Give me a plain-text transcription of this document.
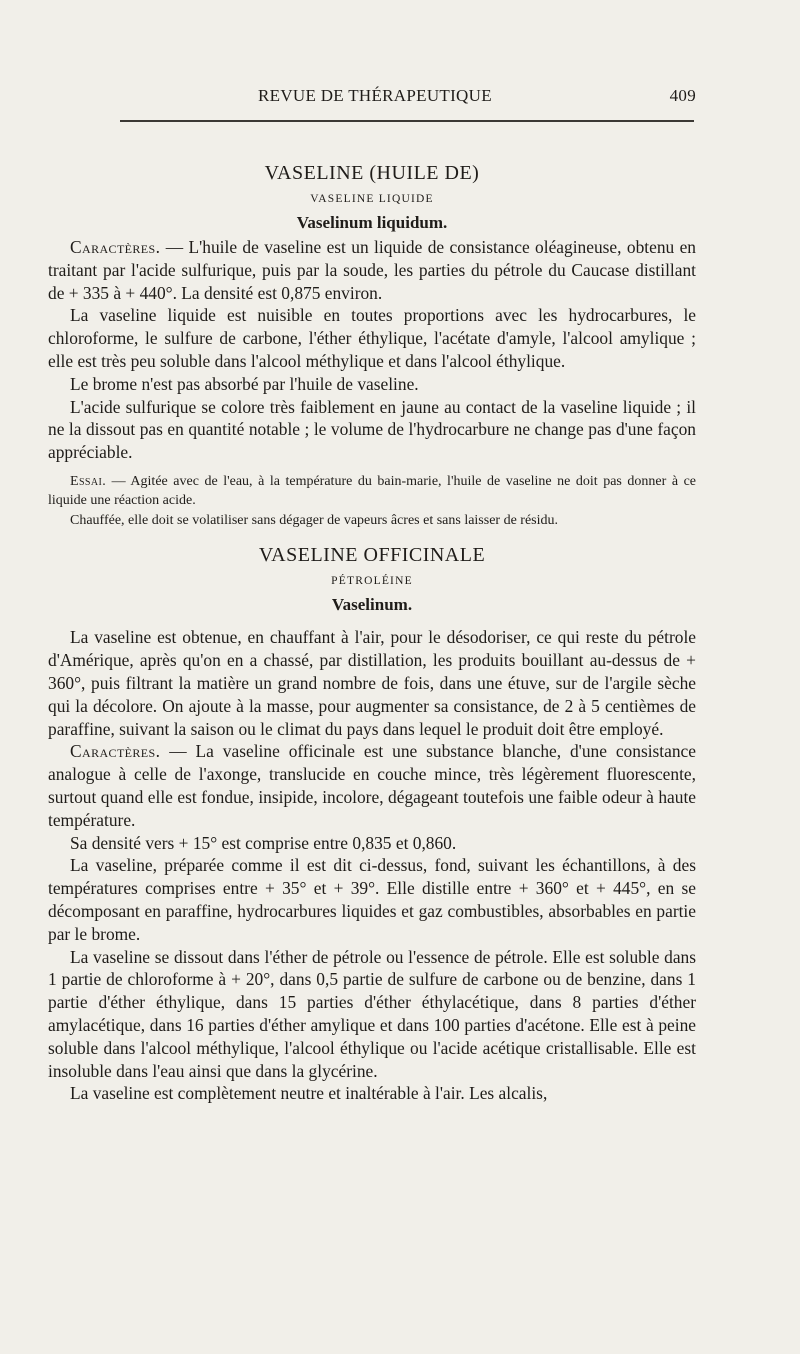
REVUE DE THÉRAPEUTIQUE	409
VASELINE (HUILE DE)
VASELINE LIQUIDE
Vaselinum liquidum.

Caractères. — L'huile de vaseline est un liquide de consistance oléagineuse, obtenu en traitant par l'acide sulfurique, puis par la soude, les parties du pétrole du Caucase distillant de + 335 à + 440°. La densité est 0,875 environ.

La vaseline liquide est nuisible en toutes proportions avec les hydrocarbures, le chloroforme, le sulfure de carbone, l'éther éthylique, l'acétate d'amyle, l'alcool amylique ; elle est très peu soluble dans l'alcool méthylique et dans l'alcool éthylique.

Le brome n'est pas absorbé par l'huile de vaseline.

L'acide sulfurique se colore très faiblement en jaune au contact de la vaseline liquide ; il ne la dissout pas en quantité notable ; le volume de l'hydrocarbure ne change pas d'une façon appréciable.

Essai. — Agitée avec de l'eau, à la température du bain-marie, l'huile de vaseline ne doit pas donner à ce liquide une réaction acide.

Chauffée, elle doit se volatiliser sans dégager de vapeurs âcres et sans laisser de résidu.

VASELINE OFFICINALE
PÉTROLÉINE
Vaselinum.

La vaseline est obtenue, en chauffant à l'air, pour le désodoriser, ce qui reste du pétrole d'Amérique, après qu'on en a chassé, par distillation, les produits bouillant au-dessus de + 360°, puis filtrant la matière un grand nombre de fois, dans une étuve, sur de l'argile sèche qui la décolore. On ajoute à la masse, pour augmenter sa consistance, de 2 à 5 centièmes de paraffine, suivant la saison ou le climat du pays dans lequel le produit doit être employé.

Caractères. — La vaseline officinale est une substance blanche, d'une consistance analogue à celle de l'axonge, translucide en couche mince, très légèrement fluorescente, surtout quand elle est fondue, insipide, incolore, dégageant toutefois une faible odeur à haute température.

Sa densité vers + 15° est comprise entre 0,835 et 0,860.

La vaseline, préparée comme il est dit ci-dessus, fond, suivant les échantillons, à des températures comprises entre + 35° et + 39°. Elle distille entre + 360° et + 445°, en se décomposant en paraffine, hydrocarbures liquides et gaz combustibles, absorbables en partie par le brome.

La vaseline se dissout dans l'éther de pétrole ou l'essence de pétrole. Elle est soluble dans 1 partie de chloroforme à + 20°, dans 0,5 partie de sulfure de carbone ou de benzine, dans 1 partie d'éther éthylique, dans 15 parties d'éther éthylacétique, dans 8 parties d'éther amylacétique, dans 16 parties d'éther amylique et dans 100 parties d'acétone. Elle est à peine soluble dans l'alcool méthylique, l'alcool éthylique ou l'acide acétique cristallisable. Elle est insoluble dans l'eau ainsi que dans la glycérine.

La vaseline est complètement neutre et inaltérable à l'air. Les alcalis,
